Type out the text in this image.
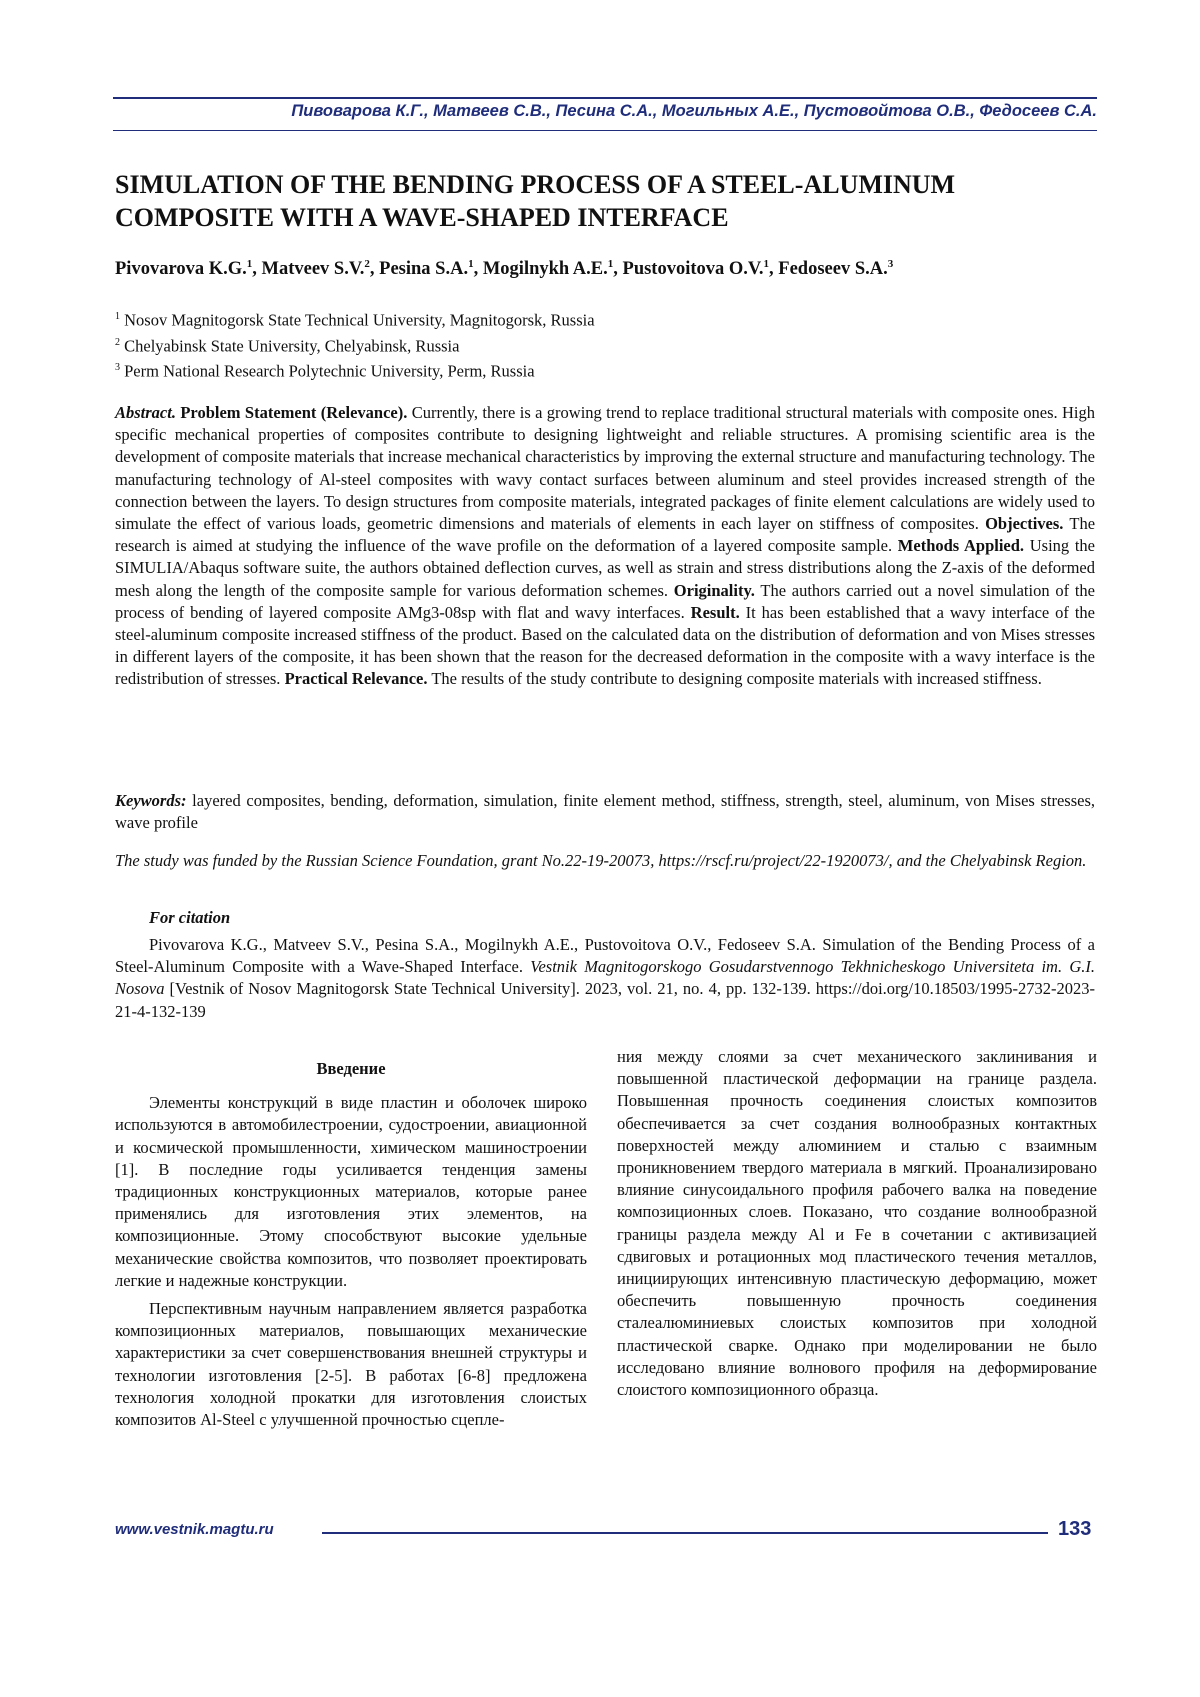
Пивоварова К.Г., Матвеев С.В., Песина С.А., Могильных А.Е., Пустовойтова О.В., Федосеев С.А.
SIMULATION OF THE BENDING PROCESS OF A STEEL-ALUMINUM COMPOSITE WITH A WAVE-SHAPED INTERFACE
Pivovarova K.G.$^1$, Matveev S.V.$^2$, Pesina S.A.$^1$, Mogilnykh A.E.$^1$, Pustovoitova O.V.$^1$, Fedoseev S.A.$^3$
$^1$ Nosov Magnitogorsk State Technical University, Magnitogorsk, Russia
$^2$ Chelyabinsk State University, Chelyabinsk, Russia
$^3$ Perm National Research Polytechnic University, Perm, Russia
Abstract. Problem Statement (Relevance). Currently, there is a growing trend to replace traditional structural materials with composite ones. High specific mechanical properties of composites contribute to designing lightweight and reliable structures. A promising scientific area is the development of composite materials that increase mechanical characteristics by improving the external structure and manufacturing technology. The manufacturing technology of Al-steel composites with wavy contact surfaces between aluminum and steel provides increased strength of the connection between the layers. To design structures from composite materials, integrated packages of finite element calculations are widely used to simulate the effect of various loads, geometric dimensions and materials of elements in each layer on stiffness of composites. Objectives. The research is aimed at studying the influence of the wave profile on the deformation of a layered composite sample. Methods Applied. Using the SIMULIA/Abaqus software suite, the authors obtained deflection curves, as well as strain and stress distributions along the Z-axis of the deformed mesh along the length of the composite sample for various deformation schemes. Originality. The authors carried out a novel simulation of the process of bending of layered composite AMg3-08sp with flat and wavy interfaces. Result. It has been established that a wavy interface of the steel-aluminum composite increased stiffness of the product. Based on the calculated data on the distribution of deformation and von Mises stresses in different layers of the composite, it has been shown that the reason for the decreased deformation in the composite with a wavy interface is the redistribution of stresses. Practical Relevance. The results of the study contribute to designing composite materials with increased stiffness.
Keywords: layered composites, bending, deformation, simulation, finite element method, stiffness, strength, steel, aluminum, von Mises stresses, wave profile
The study was funded by the Russian Science Foundation, grant No.22-19-20073, https://rscf.ru/project/22-1920073/, and the Chelyabinsk Region.
For citation
Pivovarova K.G., Matveev S.V., Pesina S.A., Mogilnykh A.E., Pustovoitova O.V., Fedoseev S.A. Simulation of the Bending Process of a Steel-Aluminum Composite with a Wave-Shaped Interface. Vestnik Magnitogorskogo Gosudarstvennogo Tekhnicheskogo Universiteta im. G.I. Nosova [Vestnik of Nosov Magnitogorsk State Technical University]. 2023, vol. 21, no. 4, pp. 132-139. https://doi.org/10.18503/1995-2732-2023-21-4-132-139
Введение

Элементы конструкций в виде пластин и оболочек широко используются в автомобилестроении, судостроении, авиационной и космической промышленности, химическом машиностроении [1]. В последние годы усиливается тенденция замены традиционных конструкционных материалов, которые ранее применялись для изготовления этих элементов, на композиционные. Этому способствуют высокие удельные механические свойства композитов, что позволяет проектировать легкие и надежные конструкции.

Перспективным научным направлением является разработка композиционных материалов, повышающих механические характеристики за счет совершенствования внешней структуры и технологии изготовления [2-5]. В работах [6-8] предложена технология холодной прокатки для изготовления слоистых композитов Al-Steel с улучшенной прочностью сцепле-

ния между слоями за счет механического заклинивания и повышенной пластической деформации на границе раздела. Повышенная прочность соединения слоистых композитов обеспечивается за счет создания волнообразных контактных поверхностей между алюминием и сталью с взаимным проникновением твердого материала в мягкий. Проанализировано влияние синусоидального профиля рабочего валка на поведение композиционных слоев. Показано, что создание волнообразной границы раздела между Al и Fe в сочетании с активизацией сдвиговых и ротационных мод пластического течения металлов, инициирующих интенсивную пластическую деформацию, может обеспечить повышенную прочность соединения сталеалюминиевых слоистых композитов при холодной пластической сварке. Однако при моделировании не было исследовано влияние волнового профиля на деформирование слоистого композиционного образца.

www.vestnik.magtu.ru	133
